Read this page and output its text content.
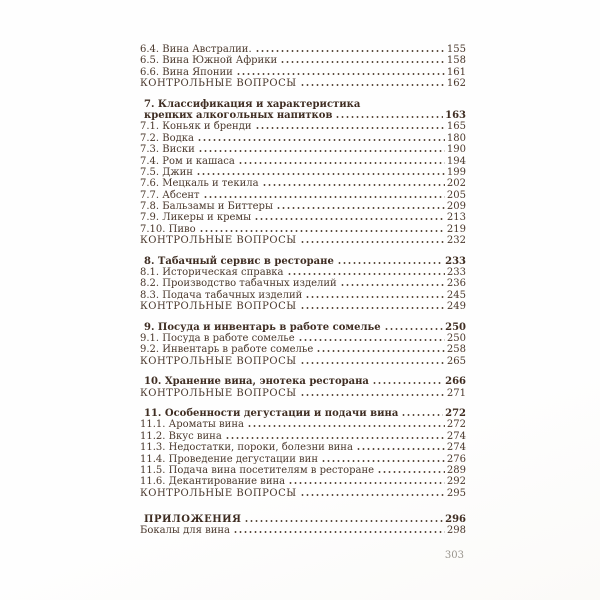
6.4. Вина Австралии.	155
6.5. Вина Южной Африки	158
6.6. Вина Японии	161
КОНТРОЛЬНЫЕ ВОПРОСЫ	162
7. Классификация и характеристика
крепких алкогольных напитков	163
7.1. Коньяк и бренди	165
7.2. Водка	180
7.3. Виски	190
7.4. Ром и кашаса	194
7.5. Джин	199
7.6. Мецкаль и текила	202
7.7. Абсент	205
7.8. Бальзамы и Биттеры	209
7.9. Ликеры и кремы	213
7.10. Пиво	219
КОНТРОЛЬНЫЕ ВОПРОСЫ	232
8. Табачный сервис в ресторане	233
8.1. Историческая справка	233
8.2. Производство табачных изделий	236
8.3. Подача табачных изделий	245
КОНТРОЛЬНЫЕ ВОПРОСЫ	249
9. Посуда и инвентарь в работе сомелье	250
9.1. Посуда в работе сомелье	250
9.2. Инвентарь в работе сомелье	258
КОНТРОЛЬНЫЕ ВОПРОСЫ	265
10. Хранение вина, энотека ресторана	266
КОНТРОЛЬНЫЕ ВОПРОСЫ	271
11. Особенности дегустации и подачи вина	272
11.1. Ароматы вина	272
11.2. Вкус вина	274
11.3. Недостатки, пороки, болезни вина	274
11.4. Проведение дегустации вин	276
11.5. Подача вина посетителям в ресторане	289
11.6. Декантирование вина	292
КОНТРОЛЬНЫЕ ВОПРОСЫ	295
ПРИЛОЖЕНИЯ	296
Бокалы для вина	298
303
